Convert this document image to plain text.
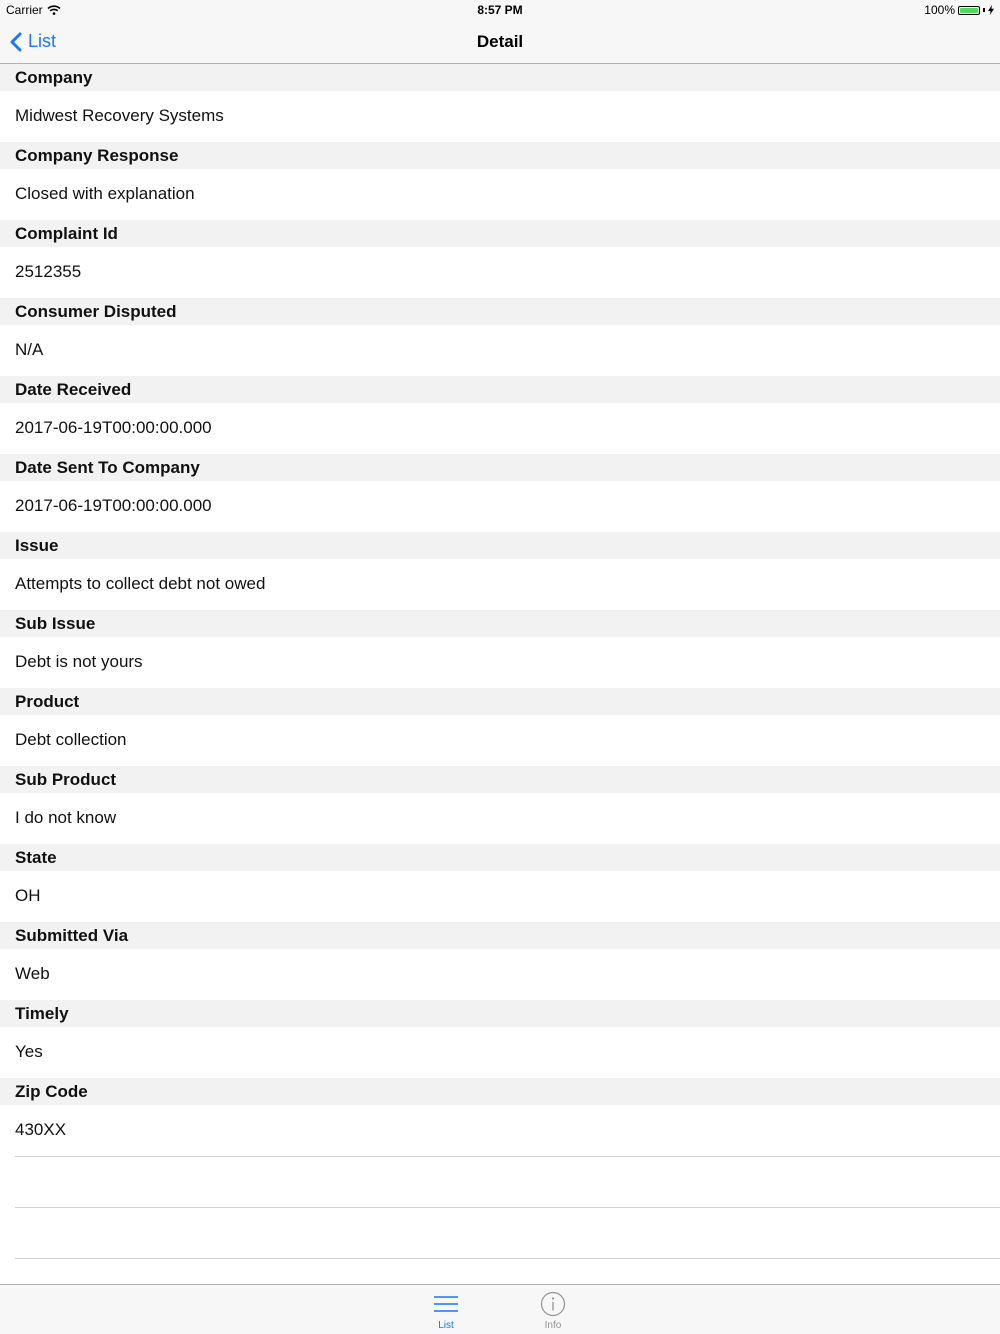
Carrier	8:57 PM	100%
List	Detail
Company
Midwest Recovery Systems
Company Response
Closed with explanation
Complaint Id
2512355
Consumer Disputed
N/A
Date Received
2017-06-19T00:00:00.000
Date Sent To Company
2017-06-19T00:00:00.000
Issue
Attempts to collect debt not owed
Sub Issue
Debt is not yours
Product
Debt collection
Sub Product
I do not know
State
OH
Submitted Via
Web
Timely
Yes
Zip Code
430XX
List	Info
